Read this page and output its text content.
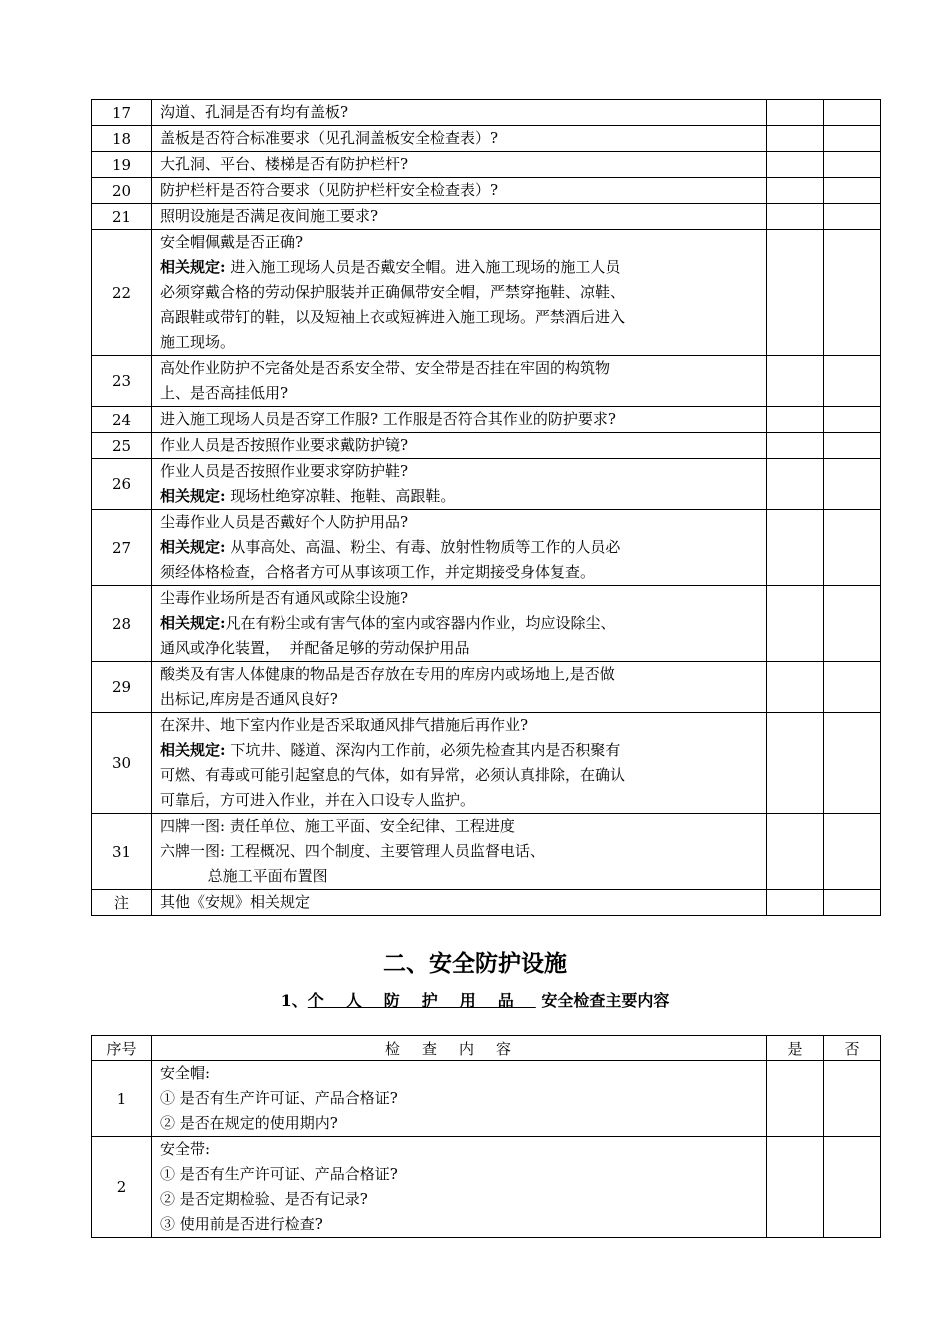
17	沟道、孔洞是否有均有盖板?		

18	盖板是否符合标准要求（见孔洞盖板安全检查表）?		

19	大孔洞、平台、楼梯是否有防护栏杆?		

20	防护栏杆是否符合要求（见防护栏杆安全检查表）?		

21	照明设施是否满足夜间施工要求?		

22	安全帽佩戴是否正确?
相关规定: 进入施工现场人员是否戴安全帽。进入施工现场的施工人员
必须穿戴合格的劳动保护服装并正确佩带安全帽，严禁穿拖鞋、凉鞋、
高跟鞋或带钉的鞋，以及短袖上衣或短裤进入施工现场。严禁酒后进入
施工现场。		

23	高处作业防护不完备处是否系安全带、安全带是否挂在牢固的构筑物
上、是否高挂低用?		

24	进入施工现场人员是否穿工作服? 工作服是否符合其作业的防护要求?		

25	作业人员是否按照作业要求戴防护镜?		

26	作业人员是否按照作业要求穿防护鞋?
相关规定: 现场杜绝穿凉鞋、拖鞋、高跟鞋。		

27	尘毒作业人员是否戴好个人防护用品?
相关规定: 从事高处、高温、粉尘、有毒、放射性物质等工作的人员必
须经体格检查，合格者方可从事该项工作，并定期接受身体复查。		

28	尘毒作业场所是否有通风或除尘设施?
相关规定:凡在有粉尘或有害气体的室内或容器内作业，均应设除尘、
通风或净化装置，  并配备足够的劳动保护用品		

29	酸类及有害人体健康的物品是否存放在专用的库房内或场地上,是否做
出标记,库房是否通风良好?		

30	在深井、地下室内作业是否采取通风排气措施后再作业?
相关规定: 下坑井、隧道、深沟内工作前，必须先检查其内是否积聚有
可燃、有毒或可能引起窒息的气体，如有异常，必须认真排除，在确认
可靠后，方可进入作业，并在入口设专人监护。		

31	四牌一图: 责任单位、施工平面、安全纪律、工程进度
六牌一图: 工程概况、四个制度、主要管理人员监督电话、
总施工平面布置图		

注	其他《安规》相关规定		

二、安全防护设施
1、个人防护用品 安全检查主要内容
序号	检查内容	是	否
1	安全帽:
① 是否有生产许可证、产品合格证?
② 是否在规定的使用期内?		

2	安全带:
① 是否有生产许可证、产品合格证?
② 是否定期检验、是否有记录?
③ 使用前是否进行检查?		
